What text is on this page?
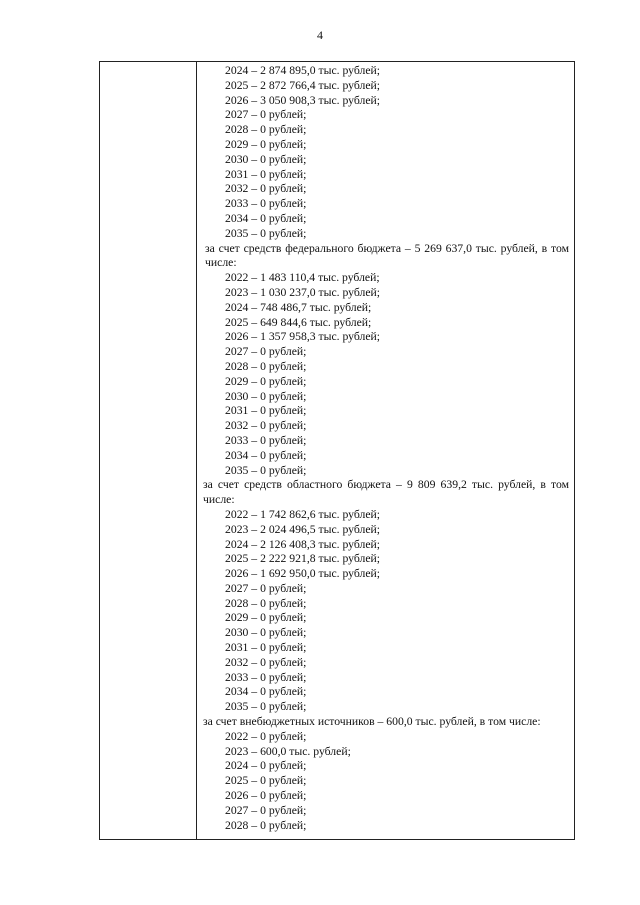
4
2024 – 2 874 895,0 тыс. рублей;
2025 – 2 872 766,4 тыс. рублей;
2026 – 3 050 908,3 тыс. рублей;
2027 – 0 рублей;
2028 – 0 рублей;
2029 – 0 рублей;
2030 – 0 рублей;
2031 – 0 рублей;
2032 – 0 рублей;
2033 – 0 рублей;
2034 – 0 рублей;
2035 – 0 рублей;
за счет средств федерального бюджета – 5 269 637,0 тыс. рублей, в том числе:
2022 – 1 483 110,4 тыс. рублей;
2023 – 1 030 237,0 тыс. рублей;
2024 – 748 486,7 тыс. рублей;
2025 – 649 844,6 тыс. рублей;
2026 – 1 357 958,3 тыс. рублей;
2027 – 0 рублей;
2028 – 0 рублей;
2029 – 0 рублей;
2030 – 0 рублей;
2031 – 0 рублей;
2032 – 0 рублей;
2033 – 0 рублей;
2034 – 0 рублей;
2035 – 0 рублей;
за счет средств областного бюджета – 9 809 639,2 тыс. рублей, в том числе:
2022 – 1 742 862,6 тыс. рублей;
2023 – 2 024 496,5 тыс. рублей;
2024 – 2 126 408,3 тыс. рублей;
2025 – 2 222 921,8 тыс. рублей;
2026 – 1 692 950,0 тыс. рублей;
2027 – 0 рублей;
2028 – 0 рублей;
2029 – 0 рублей;
2030 – 0 рублей;
2031 – 0 рублей;
2032 – 0 рублей;
2033 – 0 рублей;
2034 – 0 рублей;
2035 – 0 рублей;
за счет внебюджетных источников – 600,0 тыс. рублей, в том числе:
2022 – 0 рублей;
2023 – 600,0 тыс. рублей;
2024 – 0 рублей;
2025 – 0 рублей;
2026 – 0 рублей;
2027 – 0 рублей;
2028 – 0 рублей;
